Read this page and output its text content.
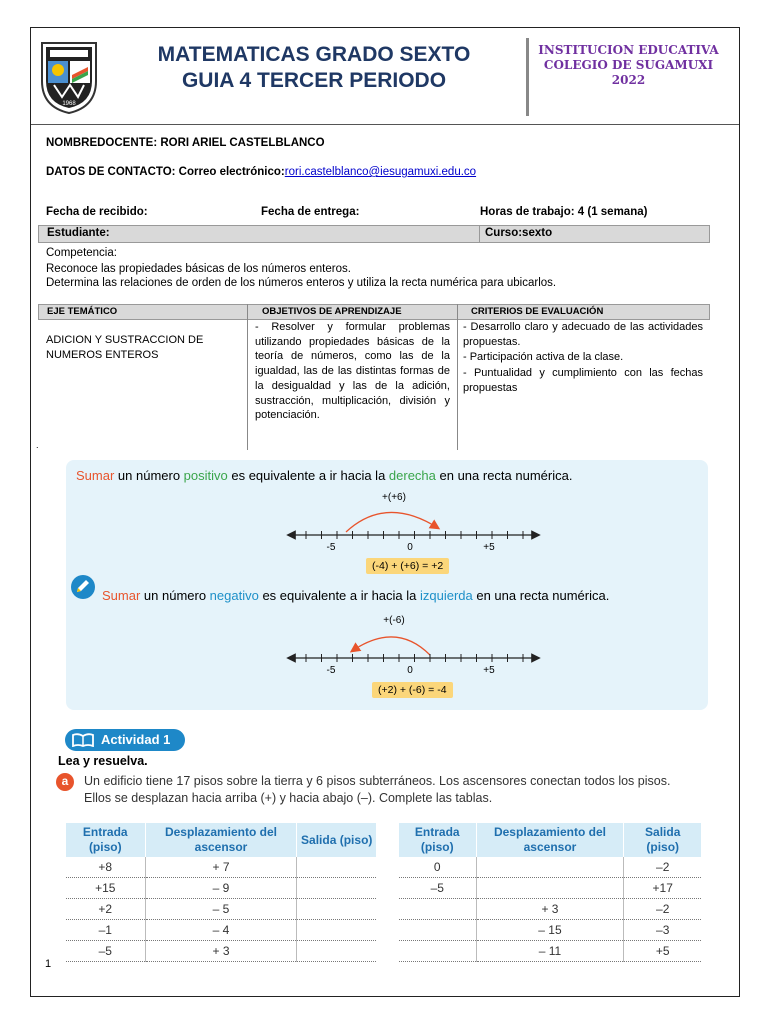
1968
MATEMATICAS GRADO SEXTO
GUIA 4 TERCER PERIODO
INSTITUCION EDUCATIVA
COLEGIO DE SUGAMUXI
2022
NOMBREDOCENTE: RORI ARIEL CASTELBLANCO
DATOS DE CONTACTO: Correo electrónico:rori.castelblanco@iesugamuxi.edu.co
Fecha de recibido:	Fecha de entrega:	Horas de trabajo: 4 (1 semana)
Estudiante:	Curso:sexto
Competencia:
Reconoce las propiedades básicas de los números enteros.
Determina las relaciones de orden de los números enteros y utiliza la recta numérica para ubicarlos.
EJE TEMÁTICO	OBJETIVOS DE APRENDIZAJE	CRITERIOS DE EVALUACIÓN
ADICION Y SUSTRACCION DE
NUMEROS ENTEROS
- Resolver y formular problemas utilizando propiedades básicas de la teoría de números, como las de la igualdad, las de las distintas formas de la desigualdad y las de la adición, sustracción, multiplicación, división y potenciación.
- Desarrollo claro y adecuado de las actividades propuestas.
- Participación activa de la clase.
- Puntualidad y cumplimiento con las fechas propuestas
.
Sumar un número positivo es equivalente a ir hacia la derecha en una recta numérica.
+(+6)
-5	0	+5
(-4) + (+6) = +2
Sumar un número negativo es equivalente a ir hacia la izquierda en una recta numérica.
+(-6)
-5	0	+5
(+2) + (-6) = -4
Actividad 1
Lea y resuelva.
a	Un edificio tiene 17 pisos sobre la tierra y 6 pisos subterráneos. Los ascensores conectan todos los pisos.
Ellos se desplazan hacia arriba (+) y hacia abajo (–). Complete las tablas.
Entrada (piso)	Desplazamiento del ascensor	Salida (piso)
+8	+ 7	
+15	– 9	
+2	– 5	
–1	– 4	
–5	+ 3	
Entrada (piso)	Desplazamiento del ascensor	Salida (piso)
0		–2
–5		+17
	+ 3	–2
	– 15	–3
	– 11	+5
1
